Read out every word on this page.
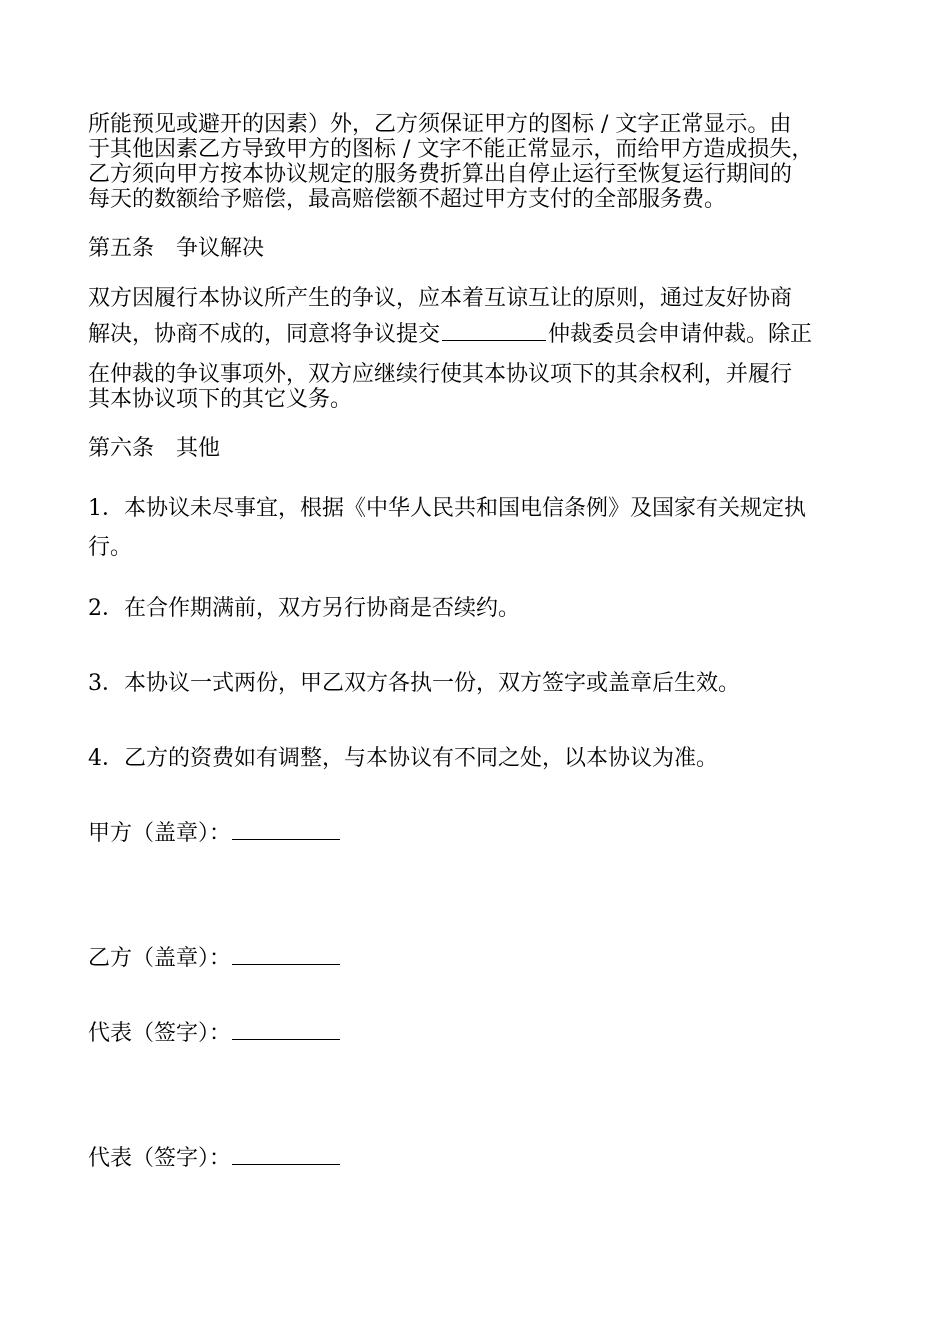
所能预见或避开的因素）外，乙方须保证甲方的图标 / 文字正常显示。由
于其他因素乙方导致甲方的图标 / 文字不能正常显示，而给甲方造成损失，
乙方须向甲方按本协议规定的服务费折算出自停止运行至恢复运行期间的
每天的数额给予赔偿，最高赔偿额不超过甲方支付的全部服务费。
第五条　争议解决
双方因履行本协议所产生的争议，应本着互谅互让的原则，通过友好协商
解决，协商不成的，同意将争议提交	仲裁委员会申请仲裁。除正
在仲裁的争议事项外，双方应继续行使其本协议项下的其余权利，并履行
其本协议项下的其它义务。
第六条　其他
1．本协议未尽事宜，根据《中华人民共和国电信条例》及国家有关规定执
行。
2．在合作期满前，双方另行协商是否续约。
3．本协议一式两份，甲乙双方各执一份，双方签字或盖章后生效。
4．乙方的资费如有调整，与本协议有不同之处，以本协议为准。
甲方（盖章）：
乙方（盖章）：
代表（签字）：
代表（签字）：
